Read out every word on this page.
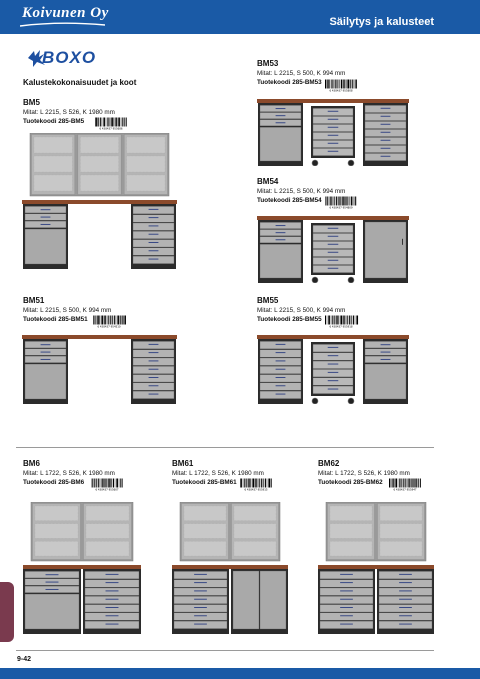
Koivunen Oy
Säilytys ja kalusteet
BOXO
Kalustekokonaisuudet ja koot
BM5
Mitat: L 2215, S 526, K 1980 mm
Tuotekoodi 285-BM5
BM53
Mitat: L 2215, S 500, K 994 mm
Tuotekoodi 285-BM53
BM54
Mitat: L 2215, S 500, K 994 mm
Tuotekoodi 285-BM54
BM51
Mitat: L 2215, S 500, K 994 mm
Tuotekoodi 285-BM51
BM55
Mitat: L 2215, S 500, K 994 mm
Tuotekoodi 285-BM55
BM6
Mitat: L 1722, S 526, K 1980 mm
Tuotekoodi 285-BM6
BM61
Mitat: L 1722, S 526, K 1980 mm
Tuotekoodi 285-BM61
BM62
Mitat: L 1722, S 526, K 1980 mm
Tuotekoodi 285-BM62
6 438437 955686
6 438437 955808
6 438437 954809
6 438437 954510	6 438437 955918
6 438437 955607	6 438437 955915	6 438437 955947
9-42
